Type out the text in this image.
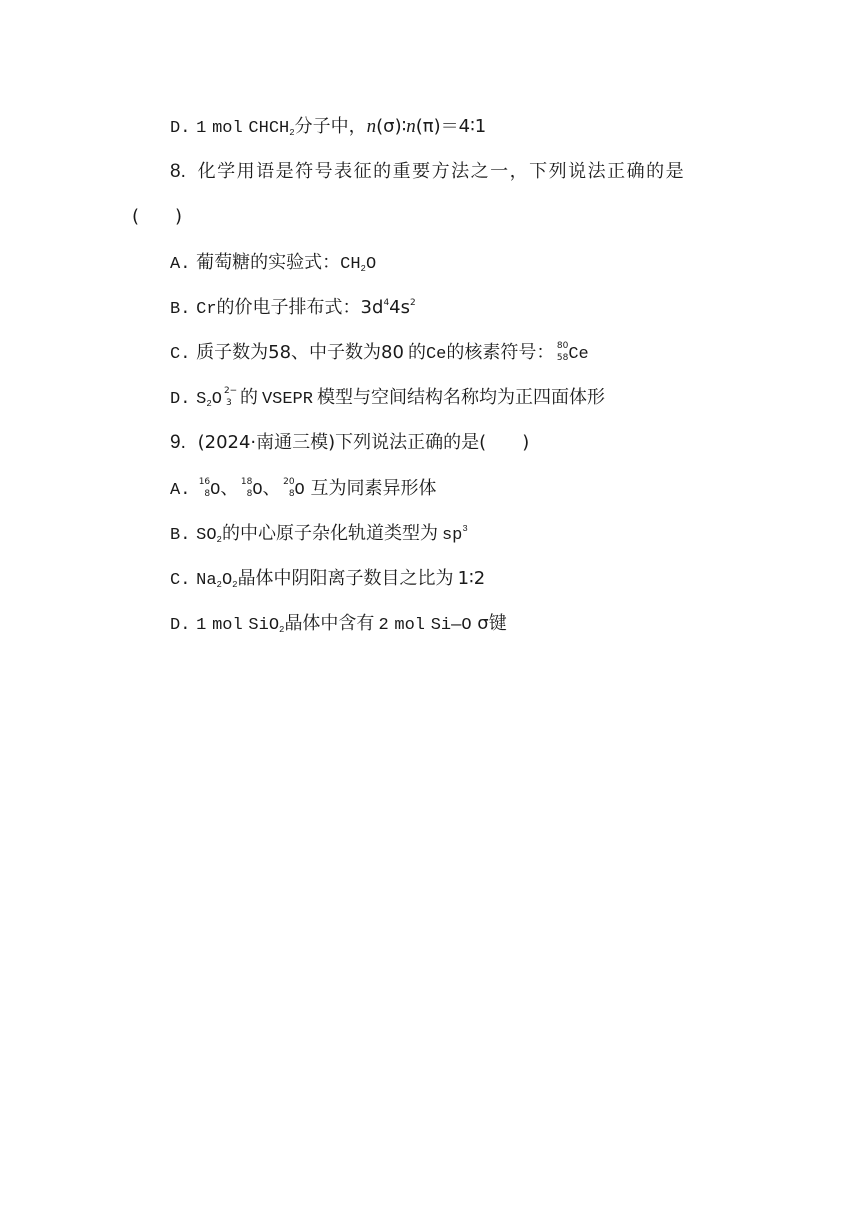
D. 1 mol $CHCH_2$分子中，n(σ)∶n(π)＝4∶1
8. 化学用语是符号表征的重要方法之一，下列说法正确的是
(　　)
A. 葡萄糖的实验式：$CH_2O$
B. Cr的价电子排布式：$3d^44s^2$
C. 质子数为58、中子数为80 的Ce的核素符号： 80
58 Ce
D. $S_2O$ 2−
3 的 VSEPR 模型与空间结构名称均为正四面体形
9. (2024·南通三模)下列说法正确的是(　　)
A. 16
8 O、 18
8 O、 20
8 O 互为同素异形体
B. $SO_2$的中心原子杂化轨道类型为 $sp^3$
C. $Na_2O_2$晶体中阴阳离子数目之比为 1∶2
D. 1 mol SiO$_2$晶体中含有 2 mol Si—O σ键
